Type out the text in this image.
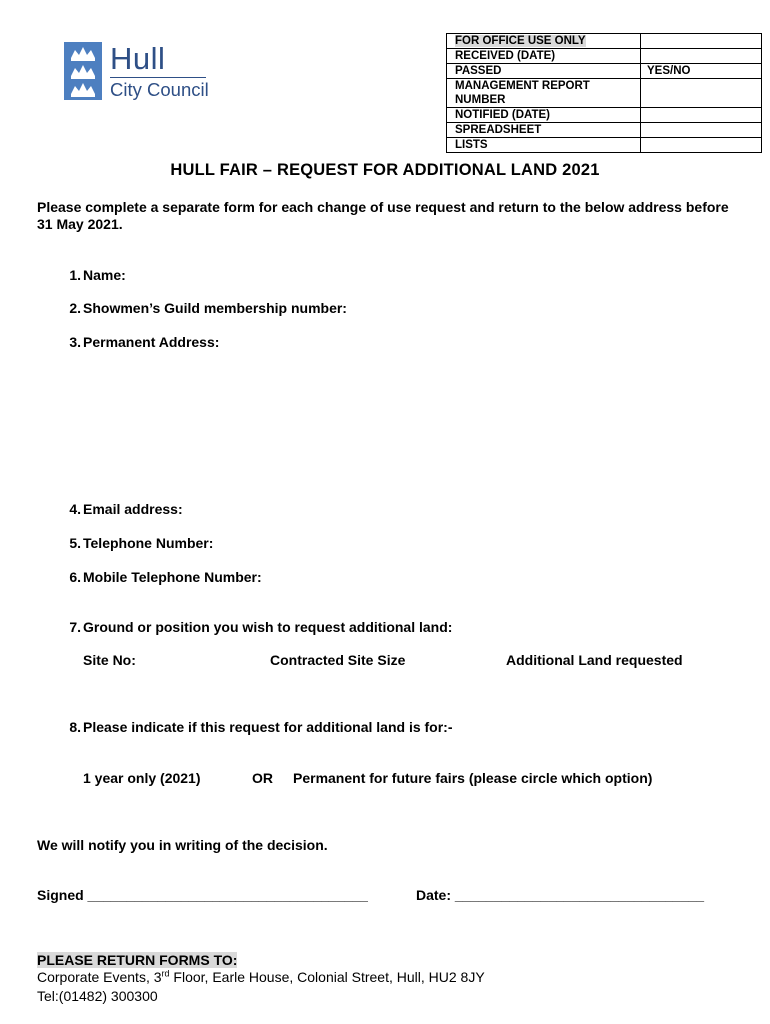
Hull
City Council
FOR OFFICE USE ONLY	
RECEIVED (DATE)	
PASSED	YES/NO
MANAGEMENT REPORT NUMBER	
NOTIFIED (DATE)	
SPREADSHEET	
LISTS	
HULL FAIR – REQUEST FOR ADDITIONAL LAND 2021
Please complete a separate form for each change of use request and return to the below address before 31 May 2021.
1. Name:
2. Showmen’s Guild membership number:
3. Permanent Address:
4. Email address:
5. Telephone Number:
6. Mobile Telephone Number:
7. Ground or position you wish to request additional land:
Site No:	Contracted Site Size	Additional Land requested
8. Please indicate if this request for additional land is for:-
1 year only (2021)	OR Permanent for future fairs (please circle which option)
We will notify you in writing of the decision.
Signed ____________________________________	Date: ________________________________
PLEASE RETURN FORMS TO:
Corporate Events, 3rd Floor, Earle House, Colonial Street, Hull, HU2 8JY
Tel:(01482) 300300
